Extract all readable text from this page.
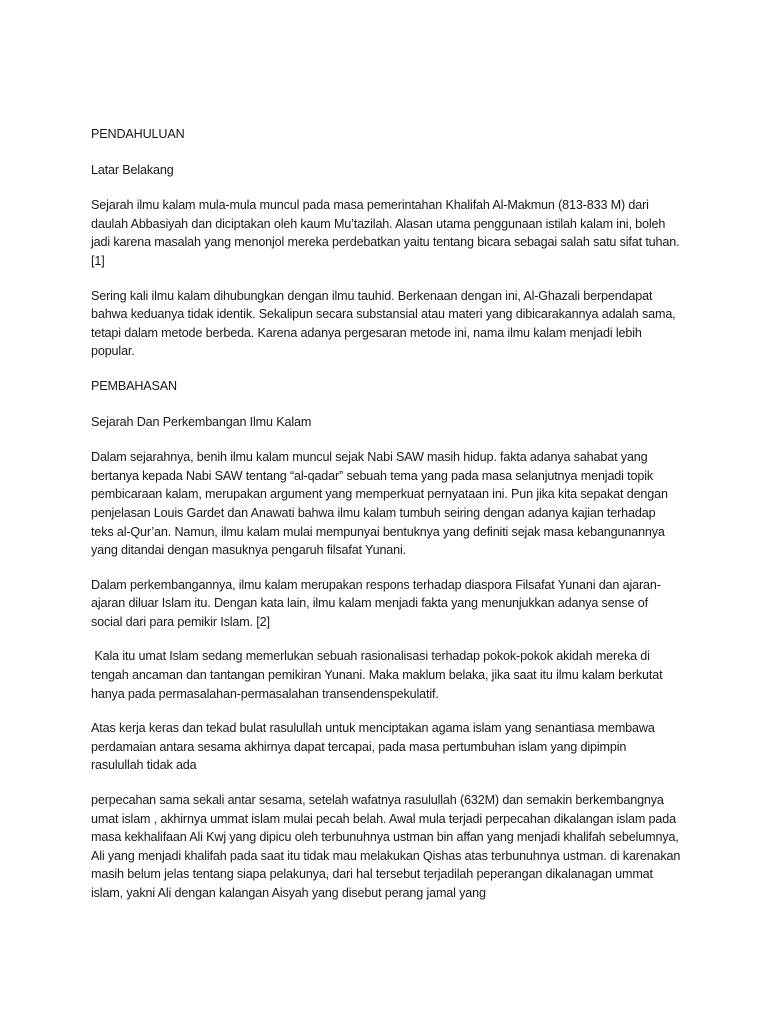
PENDAHULUAN

Latar Belakang

Sejarah ilmu kalam mula-mula muncul pada masa pemerintahan Khalifah Al-Makmun (813-833 M) dari daulah Abbasiyah dan diciptakan oleh kaum Mu’tazilah. Alasan utama penggunaan istilah kalam ini, boleh jadi karena masalah yang menonjol mereka perdebatkan yaitu tentang bicara sebagai salah satu sifat tuhan.[1]

Sering kali ilmu kalam dihubungkan dengan ilmu tauhid. Berkenaan dengan ini, Al-Ghazali berpendapat bahwa keduanya tidak identik. Sekalipun secara substansial atau materi yang dibicarakannya adalah sama, tetapi dalam metode berbeda. Karena adanya pergesaran metode ini, nama ilmu kalam menjadi lebih popular.

PEMBAHASAN

Sejarah Dan Perkembangan Ilmu Kalam

Dalam sejarahnya, benih ilmu kalam muncul sejak Nabi SAW masih hidup. fakta adanya sahabat yang bertanya kepada Nabi SAW tentang “al-qadar” sebuah tema yang pada masa selanjutnya menjadi topik pembicaraan kalam, merupakan argument yang memperkuat pernyataan ini. Pun jika kita sepakat dengan penjelasan Louis Gardet dan Anawati bahwa ilmu kalam tumbuh seiring dengan adanya kajian terhadap teks al-Qur’an. Namun, ilmu kalam mulai mempunyai bentuknya yang definiti sejak masa kebangunannya yang ditandai dengan masuknya pengaruh filsafat Yunani.

Dalam perkembangannya, ilmu kalam merupakan respons terhadap diaspora Filsafat Yunani dan ajaran-ajaran diluar Islam itu. Dengan kata lain, ilmu kalam menjadi fakta yang menunjukkan adanya sense of social dari para pemikir Islam. [2]

Kala itu umat Islam sedang memerlukan sebuah rasionalisasi terhadap pokok-pokok akidah mereka di tengah ancaman dan tantangan pemikiran Yunani. Maka maklum belaka, jika saat itu ilmu kalam berkutat hanya pada permasalahan-permasalahan transendenspekulatif.

Atas kerja keras dan tekad bulat rasulullah untuk menciptakan agama islam yang senantiasa membawa perdamaian antara sesama akhirnya dapat tercapai, pada masa pertumbuhan islam yang dipimpin rasulullah tidak ada

perpecahan sama sekali antar sesama, setelah wafatnya rasulullah (632M) dan semakin berkembangnya umat islam , akhirnya ummat islam mulai pecah belah. Awal mula terjadi perpecahan dikalangan islam pada masa kekhalifaan Ali Kwj yang dipicu oleh terbunuhnya ustman bin affan yang menjadi khalifah sebelumnya, Ali yang menjadi khalifah pada saat itu tidak mau melakukan Qishas atas terbunuhnya ustman. di karenakan masih belum jelas tentang siapa pelakunya, dari hal tersebut terjadilah peperangan dikalanagan ummat islam, yakni Ali dengan kalangan Aisyah yang disebut perang jamal yang
